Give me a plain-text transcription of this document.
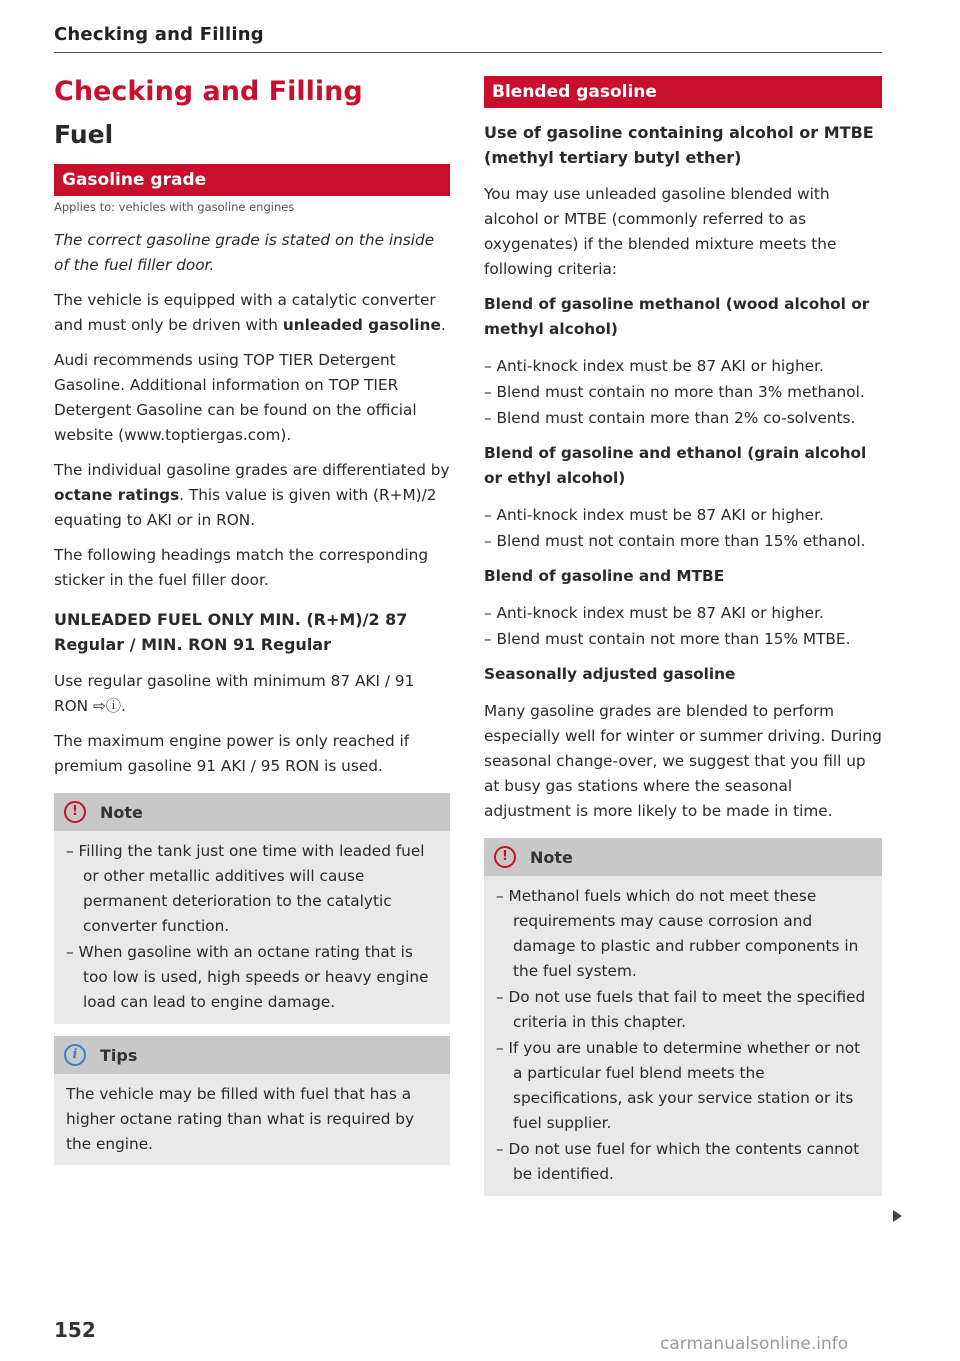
Checking and Filling
Checking and Filling
Fuel
Gasoline grade
Applies to: vehicles with gasoline engines

The correct gasoline grade is stated on the inside of the fuel filler door.

The vehicle is equipped with a catalytic converter and must only be driven with unleaded gasoline.

Audi recommends using TOP TIER Detergent Gasoline. Additional information on TOP TIER Detergent Gasoline can be found on the official website (www.toptiergas.com).

The individual gasoline grades are differentiated by octane ratings. This value is given with (R+M)/2 equating to AKI or in RON.

The following headings match the corresponding sticker in the fuel filler door.

UNLEADED FUEL ONLY MIN. (R+M)/2 87 Regular / MIN. RON 91 Regular

Use regular gasoline with minimum 87 AKI / 91 RON ⇨ⓘ.

The maximum engine power is only reached if premium gasoline 91 AKI / 95 RON is used.

!	Note
– Filling the tank just one time with leaded fuel or other metallic additives will cause permanent deterioration to the catalytic converter function.
– When gasoline with an octane rating that is too low is used, high speeds or heavy engine load can lead to engine damage.
i	Tips

The vehicle may be filled with fuel that has a higher octane rating than what is required by the engine.

Blended gasoline
Use of gasoline containing alcohol or MTBE (methyl tertiary butyl ether)

You may use unleaded gasoline blended with alcohol or MTBE (commonly referred to as oxygenates) if the blended mixture meets the following criteria:

Blend of gasoline methanol (wood alcohol or methyl alcohol)
– Anti-knock index must be 87 AKI or higher.
– Blend must contain no more than 3% methanol.
– Blend must contain more than 2% co-solvents.
Blend of gasoline and ethanol (grain alcohol or ethyl alcohol)
– Anti-knock index must be 87 AKI or higher.
– Blend must not contain more than 15% ethanol.
Blend of gasoline and MTBE
– Anti-knock index must be 87 AKI or higher.
– Blend must contain not more than 15% MTBE.
Seasonally adjusted gasoline

Many gasoline grades are blended to perform especially well for winter or summer driving. During seasonal change-over, we suggest that you fill up at busy gas stations where the seasonal adjustment is more likely to be made in time.

!	Note
– Methanol fuels which do not meet these requirements may cause corrosion and damage to plastic and rubber components in the fuel system.
– Do not use fuels that fail to meet the specified criteria in this chapter.
– If you are unable to determine whether or not a particular fuel blend meets the specifications, ask your service station or its fuel supplier.
– Do not use fuel for which the contents cannot be identified.
152
carmanualsonline.info
